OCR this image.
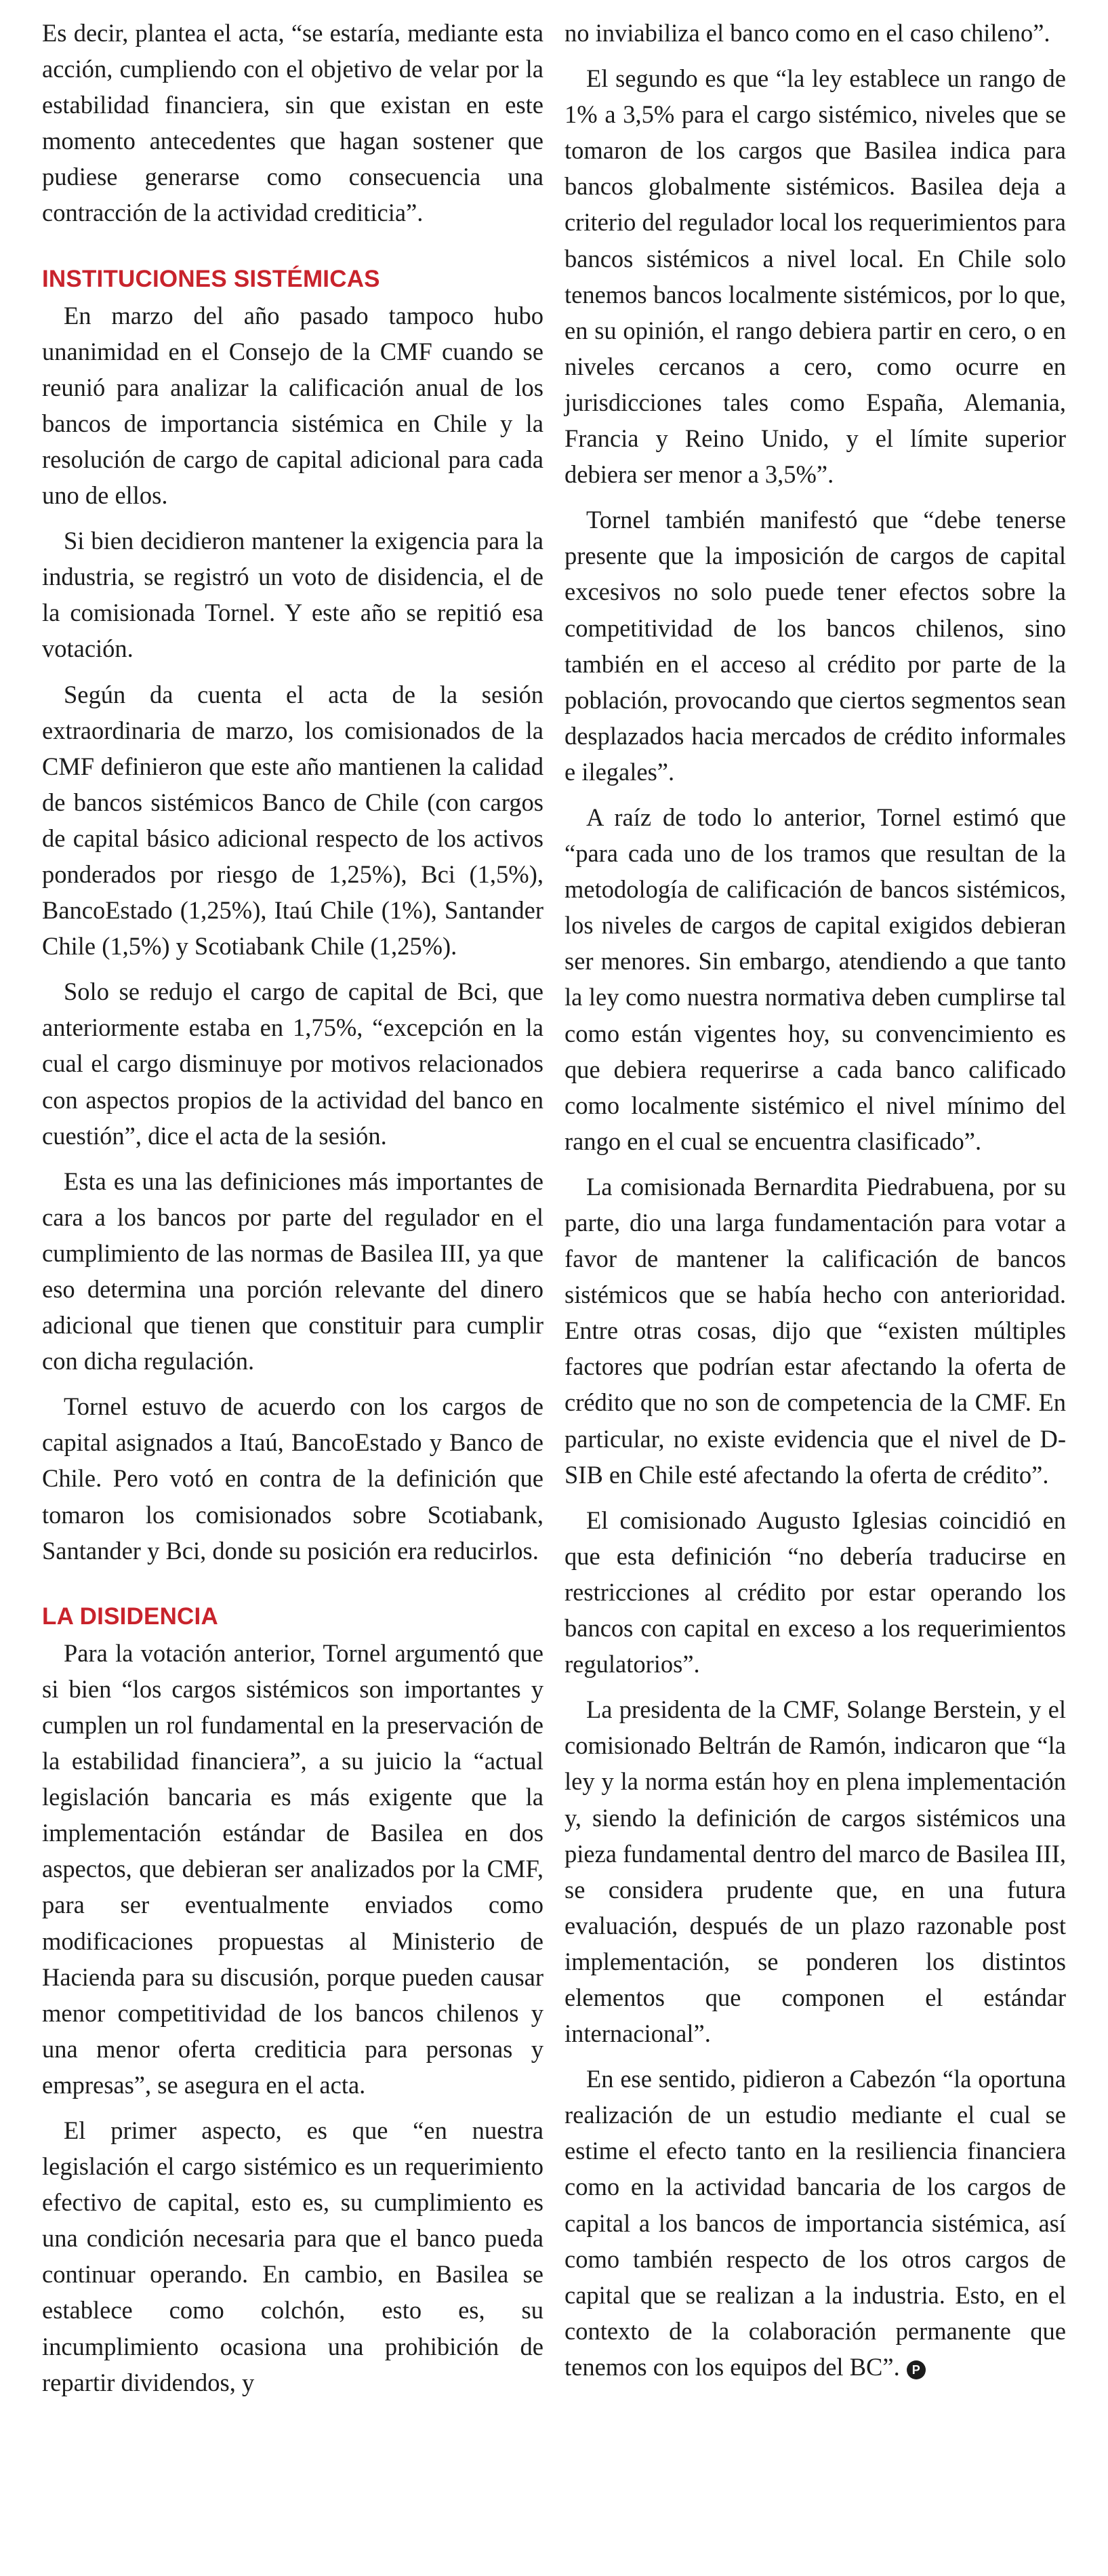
Es decir, plantea el acta, “se estaría, mediante esta acción, cumpliendo con el objetivo de velar por la estabilidad financiera, sin que existan en este momento antecedentes que hagan sostener que pudiese generarse como consecuencia una contracción de la actividad crediticia”.

INSTITUCIONES SISTÉMICAS

En marzo del año pasado tampoco hubo unanimidad en el Consejo de la CMF cuando se reunió para analizar la calificación anual de los bancos de importancia sistémica en Chile y la resolución de cargo de capital adicional para cada uno de ellos.

Si bien decidieron mantener la exigencia para la industria, se registró un voto de disidencia, el de la comisionada Tornel. Y este año se repitió esa votación.

Según da cuenta el acta de la sesión extraordinaria de marzo, los comisionados de la CMF definieron que este año mantienen la calidad de bancos sistémicos Banco de Chile (con cargos de capital básico adicional respecto de los activos ponderados por riesgo de 1,25%), Bci (1,5%), BancoEstado (1,25%), Itaú Chile (1%), Santander Chile (1,5%) y Scotiabank Chile (1,25%).

Solo se redujo el cargo de capital de Bci, que anteriormente estaba en 1,75%, “excepción en la cual el cargo disminuye por motivos relacionados con aspectos propios de la actividad del banco en cuestión”, dice el acta de la sesión.

Esta es una las definiciones más importantes de cara a los bancos por parte del regulador en el cumplimiento de las normas de Basilea III, ya que eso determina una porción relevante del dinero adicional que tienen que constituir para cumplir con dicha regulación.

Tornel estuvo de acuerdo con los cargos de capital asignados a Itaú, BancoEstado y Banco de Chile. Pero votó en contra de la definición que tomaron los comisionados sobre Scotiabank, Santander y Bci, donde su posición era reducirlos.

LA DISIDENCIA

Para la votación anterior, Tornel argumentó que si bien “los cargos sistémicos son importantes y cumplen un rol fundamental en la preservación de la estabilidad financiera”, a su juicio la “actual legislación bancaria es más exigente que la implementación estándar de Basilea en dos aspectos, que debieran ser analizados por la CMF, para ser eventualmente enviados como modificaciones propuestas al Ministerio de Hacienda para su discusión, porque pueden causar menor competitividad de los bancos chilenos y una menor oferta crediticia para personas y empresas”, se asegura en el acta.

El primer aspecto, es que “en nuestra legislación el cargo sistémico es un requerimiento efectivo de capital, esto es, su cumplimiento es una condición necesaria para que el banco pueda continuar operando. En cambio, en Basilea se establece como colchón, esto es, su incumplimiento ocasiona una prohibición de repartir dividendos, y

no inviabiliza el banco como en el caso chileno”.

El segundo es que “la ley establece un rango de 1% a 3,5% para el cargo sistémico, niveles que se tomaron de los cargos que Basilea indica para bancos globalmente sistémicos. Basilea deja a criterio del regulador local los requerimientos para bancos sistémicos a nivel local. En Chile solo tenemos bancos localmente sistémicos, por lo que, en su opinión, el rango debiera partir en cero, o en niveles cercanos a cero, como ocurre en jurisdicciones tales como España, Alemania, Francia y Reino Unido, y el límite superior debiera ser menor a 3,5%”.

Tornel también manifestó que “debe tenerse presente que la imposición de cargos de capital excesivos no solo puede tener efectos sobre la competitividad de los bancos chilenos, sino también en el acceso al crédito por parte de la población, provocando que ciertos segmentos sean desplazados hacia mercados de crédito informales e ilegales”.

A raíz de todo lo anterior, Tornel estimó que “para cada uno de los tramos que resultan de la metodología de calificación de bancos sistémicos, los niveles de cargos de capital exigidos debieran ser menores. Sin embargo, atendiendo a que tanto la ley como nuestra normativa deben cumplirse tal como están vigentes hoy, su convencimiento es que debiera requerirse a cada banco calificado como localmente sistémico el nivel mínimo del rango en el cual se encuentra clasificado”.

La comisionada Bernardita Piedrabuena, por su parte, dio una larga fundamentación para votar a favor de mantener la calificación de bancos sistémicos que se había hecho con anterioridad. Entre otras cosas, dijo que “existen múltiples factores que podrían estar afectando la oferta de crédito que no son de competencia de la CMF. En particular, no existe evidencia que el nivel de D-SIB en Chile esté afectando la oferta de crédito”.

El comisionado Augusto Iglesias coincidió en que esta definición “no debería traducirse en restricciones al crédito por estar operando los bancos con capital en exceso a los requerimientos regulatorios”.

La presidenta de la CMF, Solange Berstein, y el comisionado Beltrán de Ramón, indicaron que “la ley y la norma están hoy en plena implementación y, siendo la definición de cargos sistémicos una pieza fundamental dentro del marco de Basilea III, se considera prudente que, en una futura evaluación, después de un plazo razonable post implementación, se ponderen los distintos elementos que componen el estándar internacional”.

En ese sentido, pidieron a Cabezón “la oportuna realización de un estudio mediante el cual se estime el efecto tanto en la resiliencia financiera como en la actividad bancaria de los cargos de capital a los bancos de importancia sistémica, así como también respecto de los otros cargos de capital que se realizan a la industria. Esto, en el contexto de la colaboración permanente que tenemos con los equipos del BC”. P
